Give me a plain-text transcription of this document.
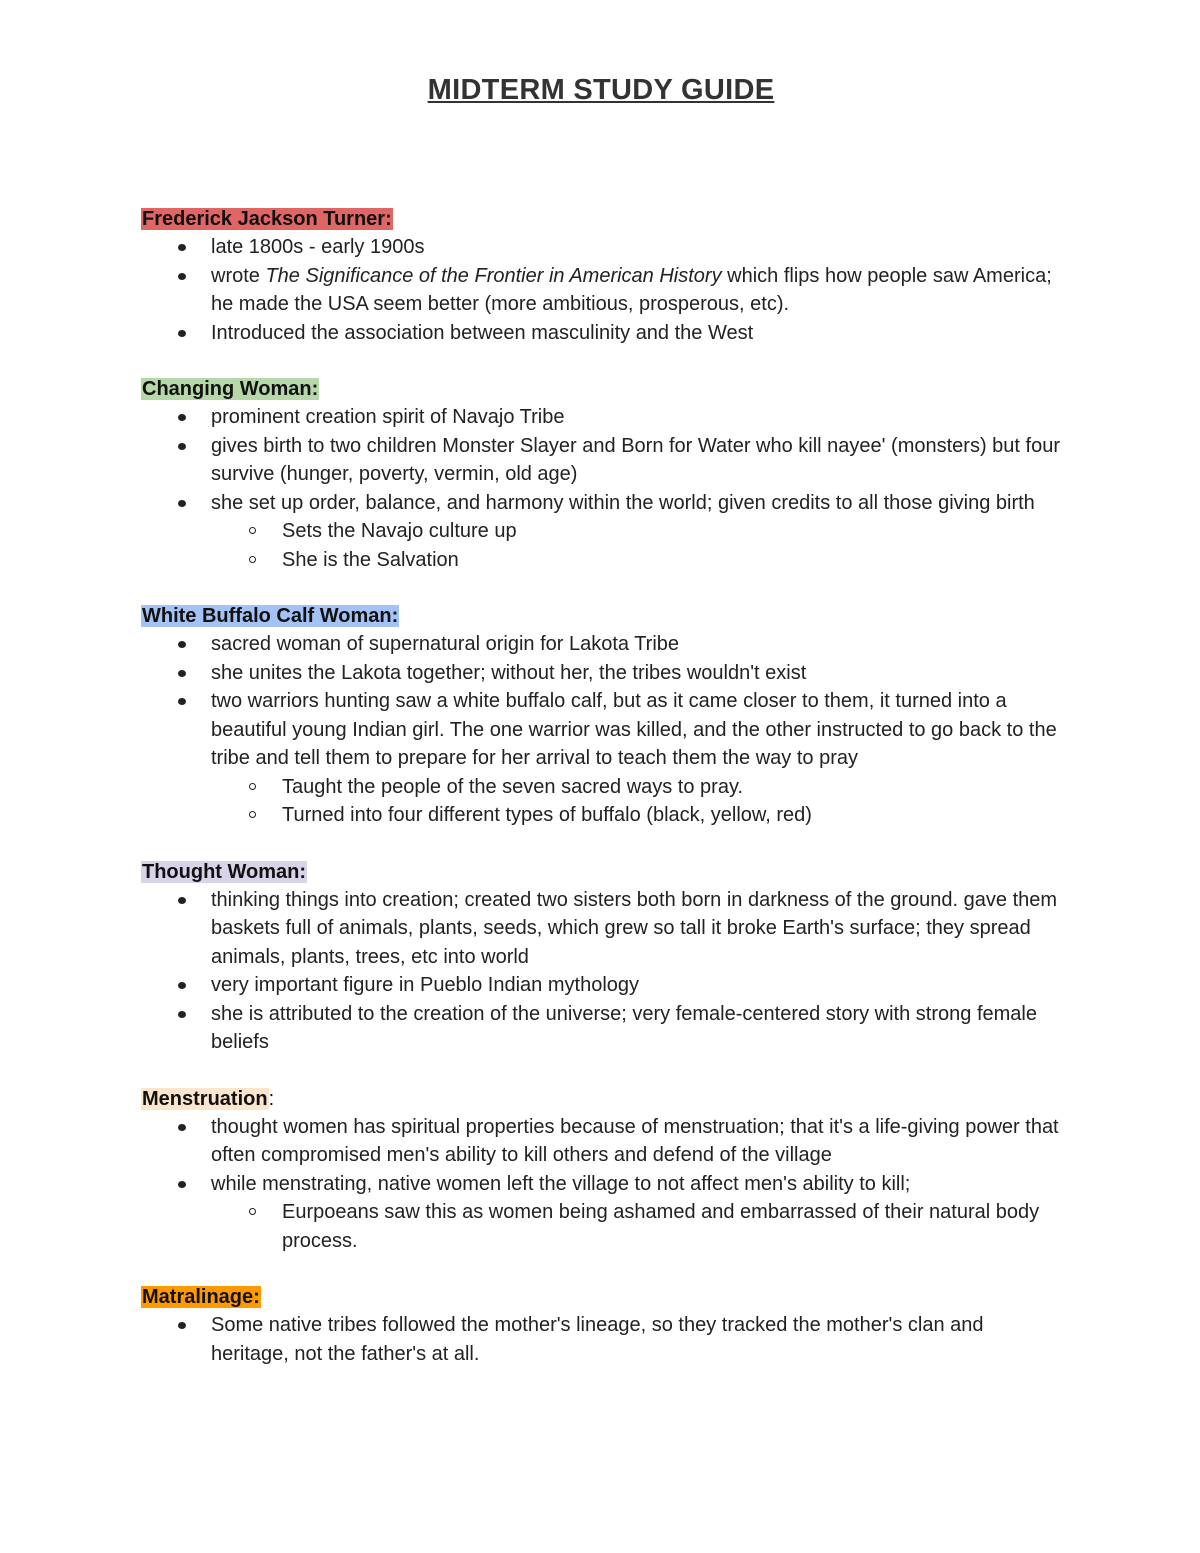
MIDTERM STUDY GUIDE

Frederick Jackson Turner:

late 1800s - early 1900s
wrote The Significance of the Frontier in American History which flips how people saw America; he made the USA seem better (more ambitious, prosperous, etc).
Introduced the association between masculinity and the West

Changing Woman:

prominent creation spirit of Navajo Tribe
gives birth to two children Monster Slayer and Born for Water who kill nayee' (monsters) but four survive (hunger, poverty, vermin, old age)
she set up order, balance, and harmony within the world; given credits to all those giving birth
Sets the Navajo culture up
She is the Salvation

White Buffalo Calf Woman:

sacred woman of supernatural origin for Lakota Tribe
she unites the Lakota together; without her, the tribes wouldn't exist
two warriors hunting saw a white buffalo calf, but as it came closer to them, it turned into a beautiful young Indian girl. The one warrior was killed, and the other instructed to go back to the tribe and tell them to prepare for her arrival to teach them the way to pray
Taught the people of the seven sacred ways to pray.
Turned into four different types of buffalo (black, yellow, red)

Thought Woman:

thinking things into creation; created two sisters both born in darkness of the ground. gave them baskets full of animals, plants, seeds, which grew so tall it broke Earth's surface; they spread animals, plants, trees, etc into world
very important figure in Pueblo Indian mythology
she is attributed to the creation of the universe; very female-centered story with strong female beliefs

Menstruation:

thought women has spiritual properties because of menstruation; that it's a life-giving power that often compromised men's ability to kill others and defend of the village
while menstrating, native women left the village to not affect men's ability to kill;
Eurpoeans saw this as women being ashamed and embarrassed of their natural body process.

Matralinage:

Some native tribes followed the mother's lineage, so they tracked the mother's clan and heritage, not the father's at all.
